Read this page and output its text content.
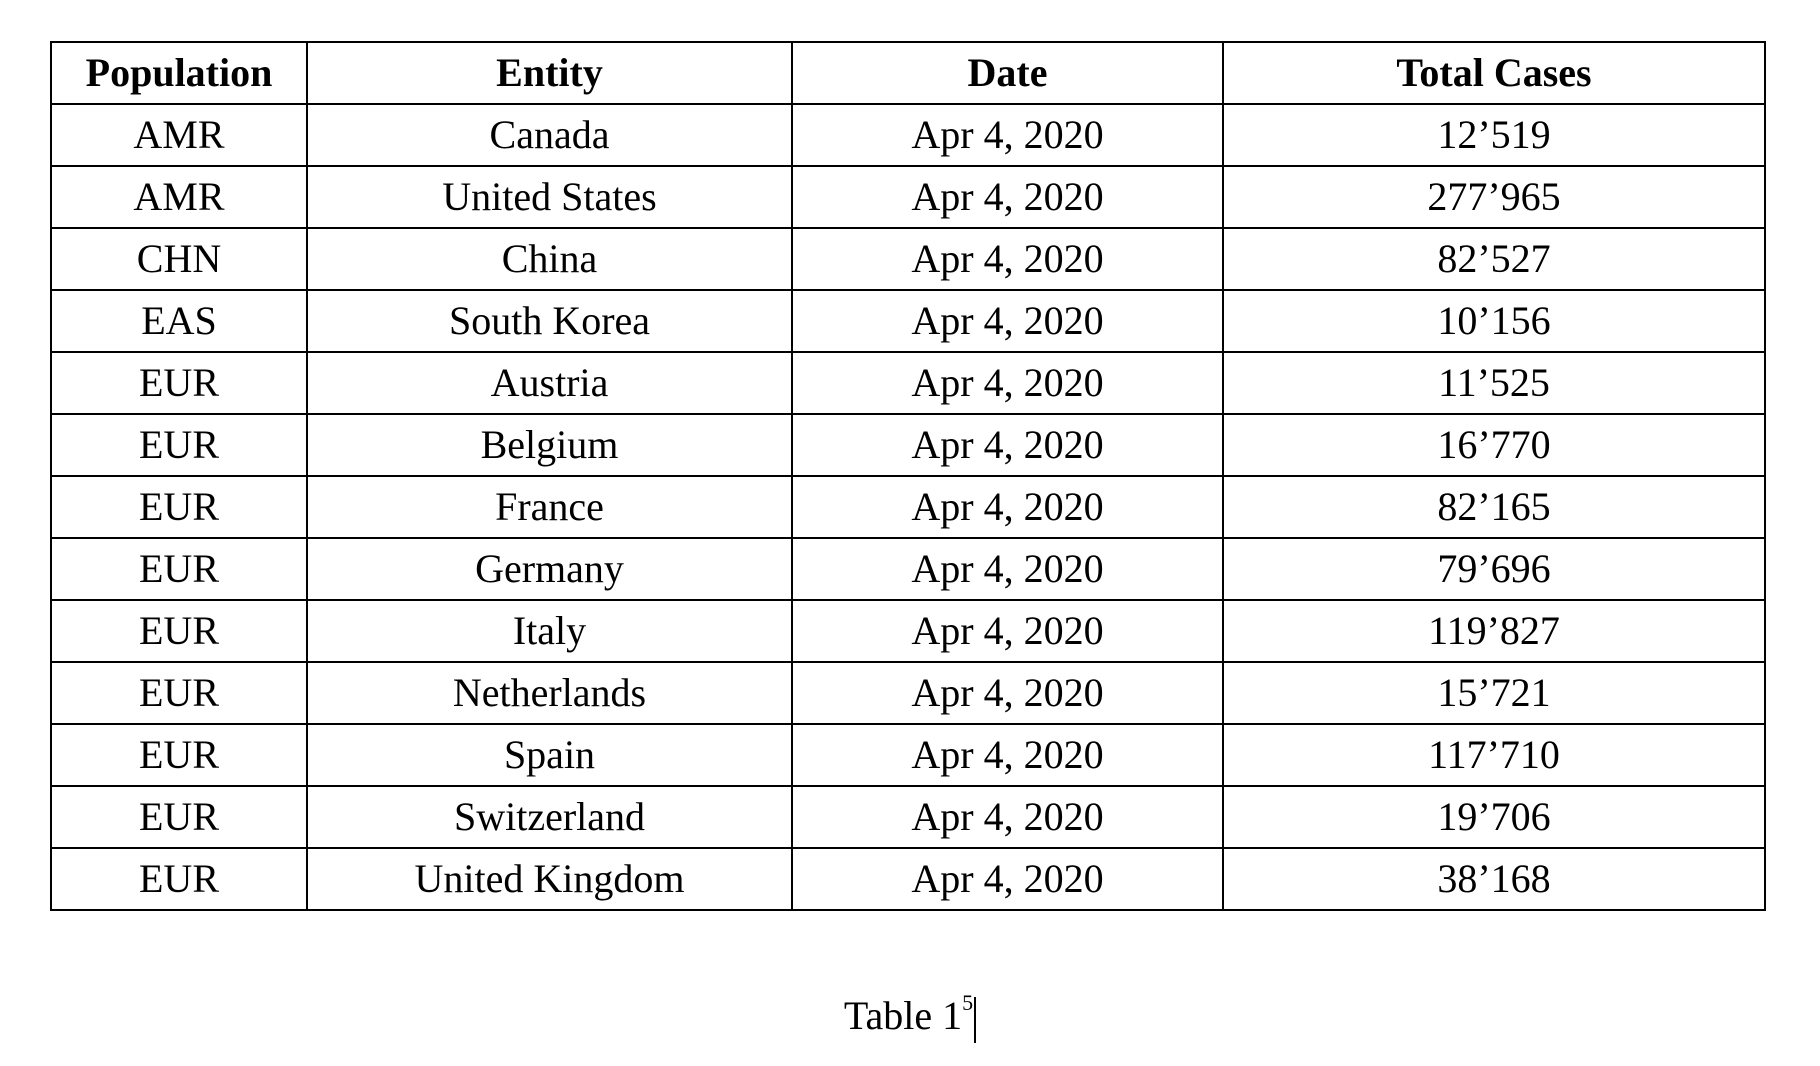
Population	Entity	Date	Total Cases
AMR	Canada	Apr 4, 2020	12’519
AMR	United States	Apr 4, 2020	277’965
CHN	China	Apr 4, 2020	82’527
EAS	South Korea	Apr 4, 2020	10’156
EUR	Austria	Apr 4, 2020	11’525
EUR	Belgium	Apr 4, 2020	16’770
EUR	France	Apr 4, 2020	82’165
EUR	Germany	Apr 4, 2020	79’696
EUR	Italy	Apr 4, 2020	119’827
EUR	Netherlands	Apr 4, 2020	15’721
EUR	Spain	Apr 4, 2020	117’710
EUR	Switzerland	Apr 4, 2020	19’706
EUR	United Kingdom	Apr 4, 2020	38’168
Table $1^5$
